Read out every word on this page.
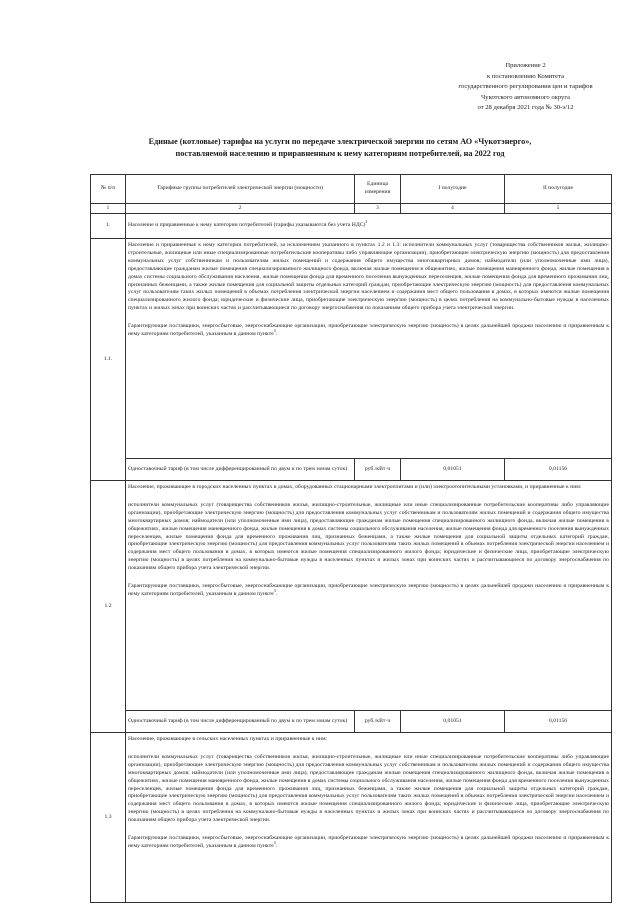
Приложение 2
к постановлению Комитета
государственного регулирования цен и тарифов
Чукотского автономного округа
от 28 декабря 2021 года № 30-э/12
Единые (котловые) тарифы на услуги по передаче электрической энергии по сетям АО «Чукотэнерго»,
поставляемой населению и приравненным к нему категориям потребителей, на 2022 год
№ п/п	Тарифные группы потребителей электрической энергии (мощности)	Единица измерения	I полугодие	II полугодие
1	2	3	4	5
1.	Население и приравненные к нему категории потребителей (тарифы указываются без учета НДС)$^2$
1.1.	Население и приравненные к нему категории потребителей, за исключением указанного в пунктах 1.2 и 1.3: исполнители коммунальных услуг (товарищества собственников жилья, жилищно-строительные, жилищные или иные специализированные потребительские кооперативы либо управляющие организации), приобретающие электрическую энергию (мощность) для предоставления коммунальных услуг собственникам и пользователям жилых помещений и содержания общего имущества многоквартирных домов; наймодатели (или уполномоченные ими лица), предоставляющие гражданам жилые помещения специализированного жилищного фонда, включая жилые помещения в общежитиях, жилые помещения маневренного фонда, жилые помещения в домах системы социального обслуживания населения, жилые помещения фонда для временного поселения вынужденных переселенцев, жилые помещения фонда для временного проживания лиц, признанных беженцами, а также жилые помещения для социальной защиты отдельных категорий граждан, приобретающие электрическую энергию (мощность) для предоставления коммунальных услуг пользователям таких жилых помещений в объемах потребления электрической энергии населением и содержания мест общего пользования в домах, в которых имеются жилые помещения специализированного жилого фонда; юридические и физические лица, приобретающие электрическую энергию (мощность) в целях потребления на коммунально-бытовые нужды в населенных пунктах и жилых зонах при воинских частях и рассчитывающиеся по договору энергоснабжения по показаниям общего прибора учета электрической энергии.

Гарантирующие поставщики, энергосбытовые, энергоснабжающие организации, приобретающие электрическую энергию (мощность) в целях дальнейшей продажи населению и приравненным к нему категориям потребителей, указанным в данном пункте$^3$.			

	Одноставочный тариф (в том числе дифференцированный по двум и по трем зонам суток)	руб./кВт·ч	0,01051	0,01156
1.2	Население, проживающее в городских населенных пунктах в домах, оборудованных стационарными электроплитами и (или) электроотопительными установками, и приравненные к ним:

исполнители коммунальных услуг (товарищества собственников жилья, жилищно-строительные, жилищные или иные специализированные потребительские кооперативы либо управляющие организации), приобретающие электрическую энергию (мощность) для предоставления коммунальных услуг собственникам и пользователям жилых помещений и содержания общего имущества многоквартирных домов; наймодатели (или уполномоченные ими лица), предоставляющие гражданам жилые помещения специализированного жилищного фонда, включая жилые помещения в общежитиях, жилые помещения маневренного фонда, жилые помещения в домах системы социального обслуживания населения, жилые помещения фонда для временного поселения вынужденных переселенцев, жилые помещения фонда для временного проживания лиц, признанных беженцами, а также жилые помещения для социальной защиты отдельных категорий граждан, приобретающие электрическую энергию (мощность) для предоставления коммунальных услуг пользователям таких жилых помещений в объемах потребления электрической энергии населением и содержания мест общего пользования в домах, в которых имеются жилые помещения специализированного жилого фонда; юридические и физические лица, приобретающие электрическую энергию (мощность) в целях потребления на коммунально-бытовые нужды в населенных пунктах и жилых зонах при воинских частях и рассчитывающиеся по договору энергоснабжения по показаниям общего прибора учета электрической энергии.

Гарантирующие поставщики, энергосбытовые, энергоснабжающие организации, приобретающие электрическую энергию (мощность) в целях дальнейшей продажи населению и приравненным к нему категориям потребителей, указанным в данном пункте$^3$.			

	Одноставочный тариф (в том числе дифференцированный по двум и по трем зонам суток)	руб./кВт·ч	0,01051	0,01156
1.3	Население, проживающее в сельских населенных пунктах и приравненные к ним:

исполнители коммунальных услуг (товарищества собственников жилья, жилищно-строительные, жилищные или иные специализированные потребительские кооперативы либо управляющие организации), приобретающие электрическую энергию (мощность) для предоставления коммунальных услуг собственникам и пользователям жилых помещений и содержания общего имущества многоквартирных домов; наймодатели (или уполномоченные ими лица), предоставляющие гражданам жилые помещения специализированного жилищного фонда, включая жилые помещения в общежитиях, жилые помещения маневренного фонда, жилые помещения в домах системы социального обслуживания населения, жилые помещения фонда для временного поселения вынужденных переселенцев, жилые помещения фонда для временного проживания лиц, признанных беженцами, а также жилые помещения для социальной защиты отдельных категорий граждан, приобретающие электрическую энергию (мощность) для предоставления коммунальных услуг пользователям таких жилых помещений в объемах потребления электрической энергии населением и содержания мест общего пользования в домах, в которых имеются жилые помещения специализированного жилого фонда; юридические и физические лица, приобретающие электрическую энергию (мощность) в целях потребления на коммунально-бытовые нужды в населенных пунктах и жилых зонах при воинских частях и рассчитывающиеся по договору энергоснабжения по показаниям общего прибора учета электрической энергии.

Гарантирующие поставщики, энергосбытовые, энергоснабжающие организации, приобретающие электрическую энергию (мощность) в целях дальнейшей продажи населению и приравненным к нему категориям потребителей, указанным в данном пункте$^3$.			
